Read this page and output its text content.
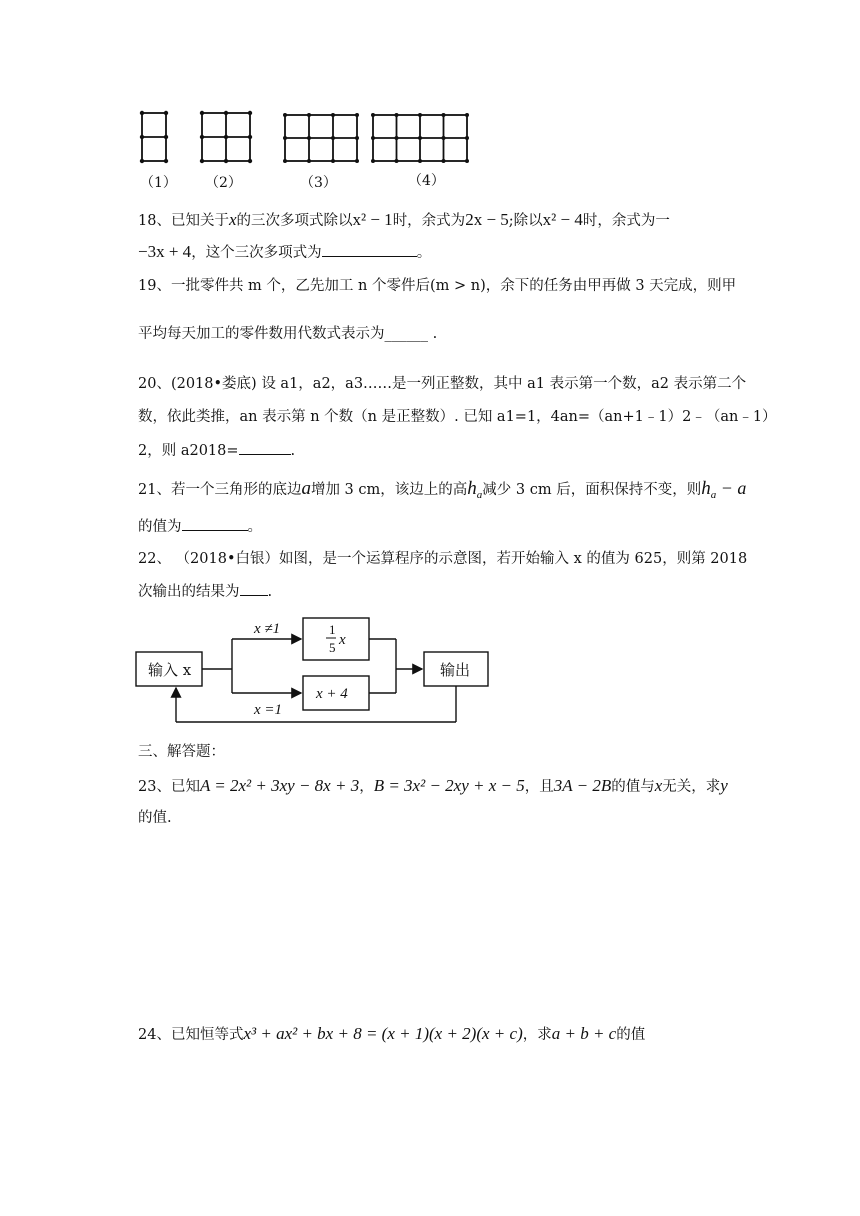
（1） （2）	（3）	（4）
18、已知关于x的三次多项式除以x² − 1时，余式为2x − 5;除以x² − 4时，余式为一
−3x + 4，这个三次多项式为	。
19、一批零件共 m 个，乙先加工 n 个零件后(m > n)，余下的任务由甲再做 3 天完成，则甲
平均每天加工的零件数用代数式表示为______ .
20、(2018•娄底) 设 a1，a2，a3……是一列正整数，其中 a1 表示第一个数，a2 表示第二个
数，依此类推，an 表示第 n 个数（n 是正整数）. 已知 a1=1，4an=（an+1﹣1）2﹣（an﹣1）
2，则 a2018=	.
21、若一个三角形的底边a增加 3 cm，该边上的高$h_a$减少 3 cm 后，面积保持不变，则$h_a - a$
的值为	。
22、 （2018•白银）如图，是一个运算程序的示意图，若开始输入 x 的值为 625，则第 2018
次输出的结果为 .
输入 x
x ≠1
x =1
1
5 x
x + 4
输出
三、解答题：
23、已知A = 2x² + 3xy − 8x + 3，B = 3x² − 2xy + x − 5，且3A − 2B的值与x无关，求y
的值.
24、已知恒等式x³ + ax² + bx + 8 = (x + 1)(x + 2)(x + c)，求a + b + c的值
